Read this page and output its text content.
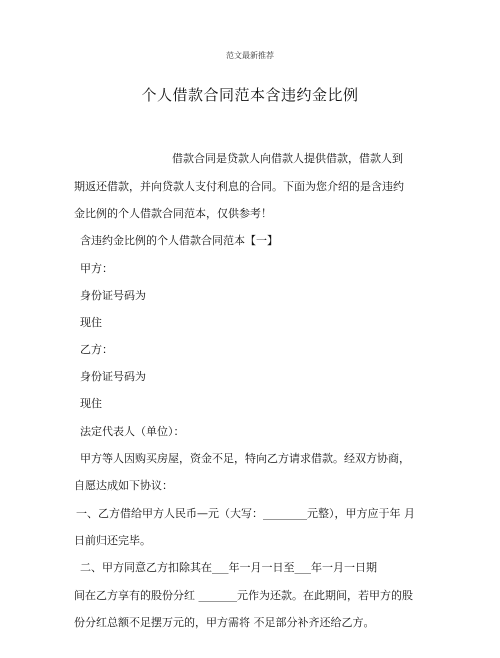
范文最新推荐
个人借款合同范本含违约金比例
借款合同是贷款人向借款人提供借款，借款人到
期返还借款，并向贷款人支付利息的合同。下面为您介绍的是含违约
金比例的个人借款合同范本，仅供参考！
含违约金比例的个人借款合同范本【一】
甲方：
身份证号码为
现住
乙方：
身份证号码为
现住
法定代表人（单位）：
甲方等人因购买房屋，资金不足，特向乙方请求借款。经双方协商，
自愿达成如下协议：
一、乙方借给甲方人民币—元（大写：________元整），甲方应于年 月
日前归还完毕。
二、甲方同意乙方扣除其在___年一月一日至___年一月一日期
间在乙方享有的股份分红 _______元作为还款。在此期间，若甲方的股
份分红总额不足摆万元的，甲方需将 不足部分补齐还给乙方。
